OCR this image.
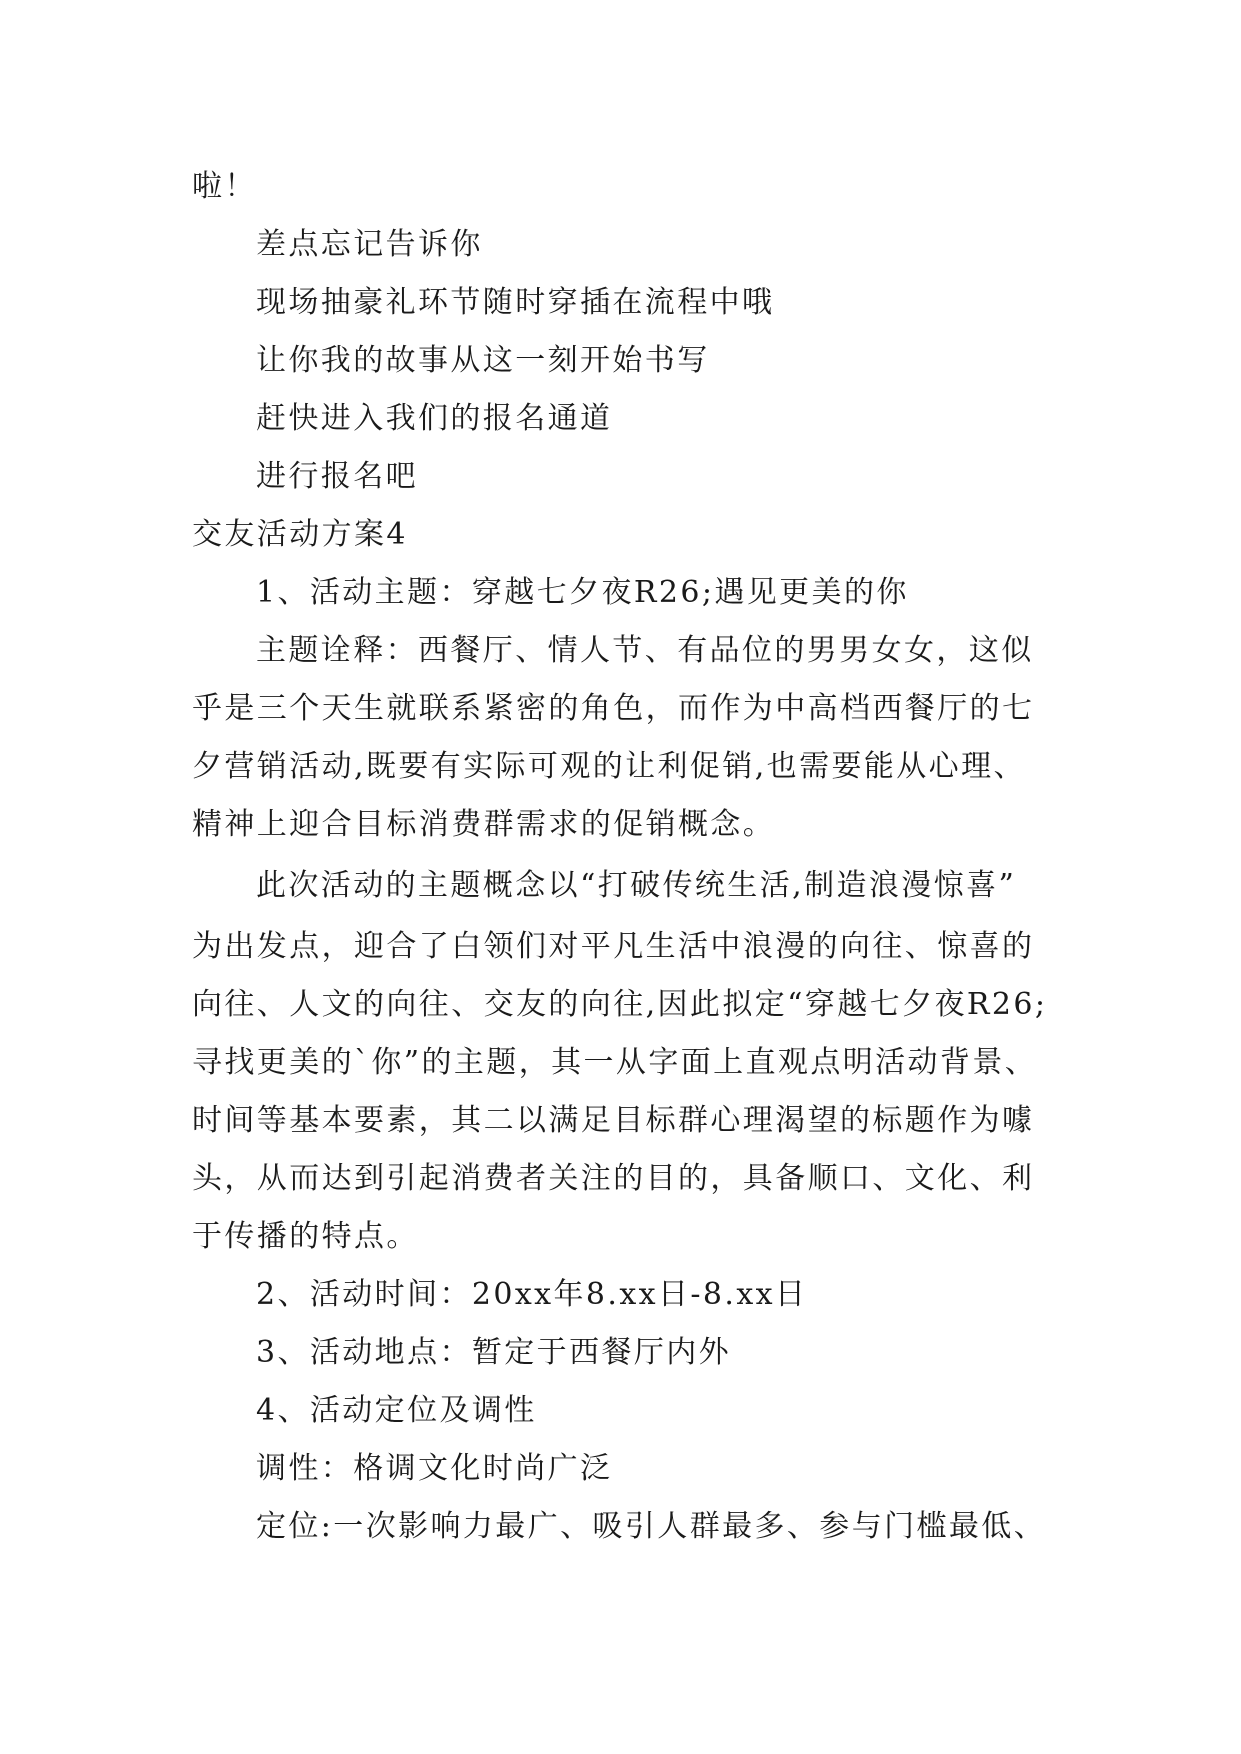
啦！
差点忘记告诉你
现场抽豪礼环节随时穿插在流程中哦
让你我的故事从这一刻开始书写
赶快进入我们的报名通道
进行报名吧
交友活动方案4
1、活动主题：穿越七夕夜R26;遇见更美的你
主题诠释：西餐厅、情人节、有品位的男男女女，这似
乎是三个天生就联系紧密的角色，而作为中高档西餐厅的七
夕营销活动,既要有实际可观的让利促销,也需要能从心理、
精神上迎合目标消费群需求的促销概念。
此次活动的主题概念以“打破传统生活,制造浪漫惊喜”
为出发点，迎合了白领们对平凡生活中浪漫的向往、惊喜的
向往、人文的向往、交友的向往,因此拟定“穿越七夕夜R26;
寻找更美的`你”的主题，其一从字面上直观点明活动背景、
时间等基本要素，其二以满足目标群心理渴望的标题作为噱
头，从而达到引起消费者关注的目的，具备顺口、文化、利
于传播的特点。
2、活动时间：20xx年8.xx日-8.xx日
3、活动地点：暂定于西餐厅内外
4、活动定位及调性
调性：格调文化时尚广泛
定位:一次影响力最广、吸引人群最多、参与门槛最低、
